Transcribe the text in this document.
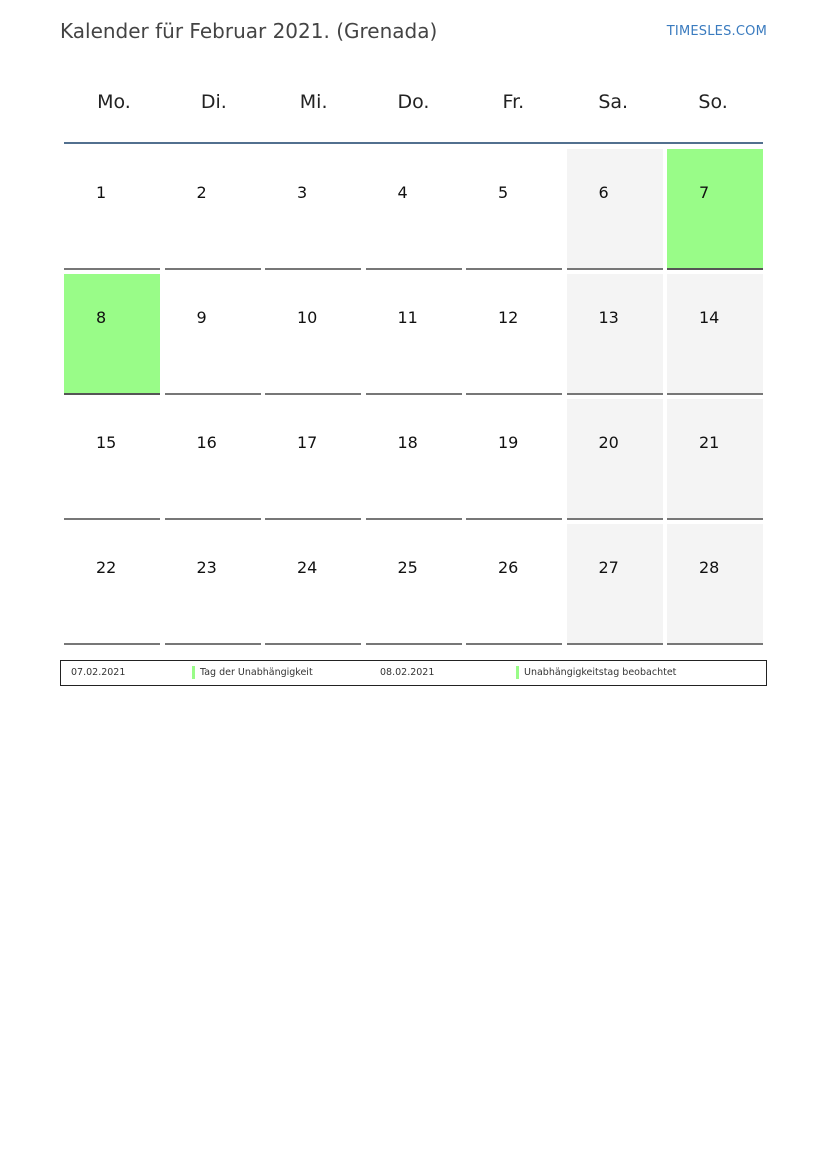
Kalender für Februar 2021. (Grenada)	TIMESLES.COM
Mo.	Di.	Mi.	Do.	Fr.	Sa.	So.
1	2	3	4	5	6	7
8	9	10	11	12	13	14
15	16	17	18	19	20	21
22	23	24	25	26	27	28
07.02.2021	Tag der Unabhängigkeit	08.02.2021	Unabhängigkeitstag beobachtet
